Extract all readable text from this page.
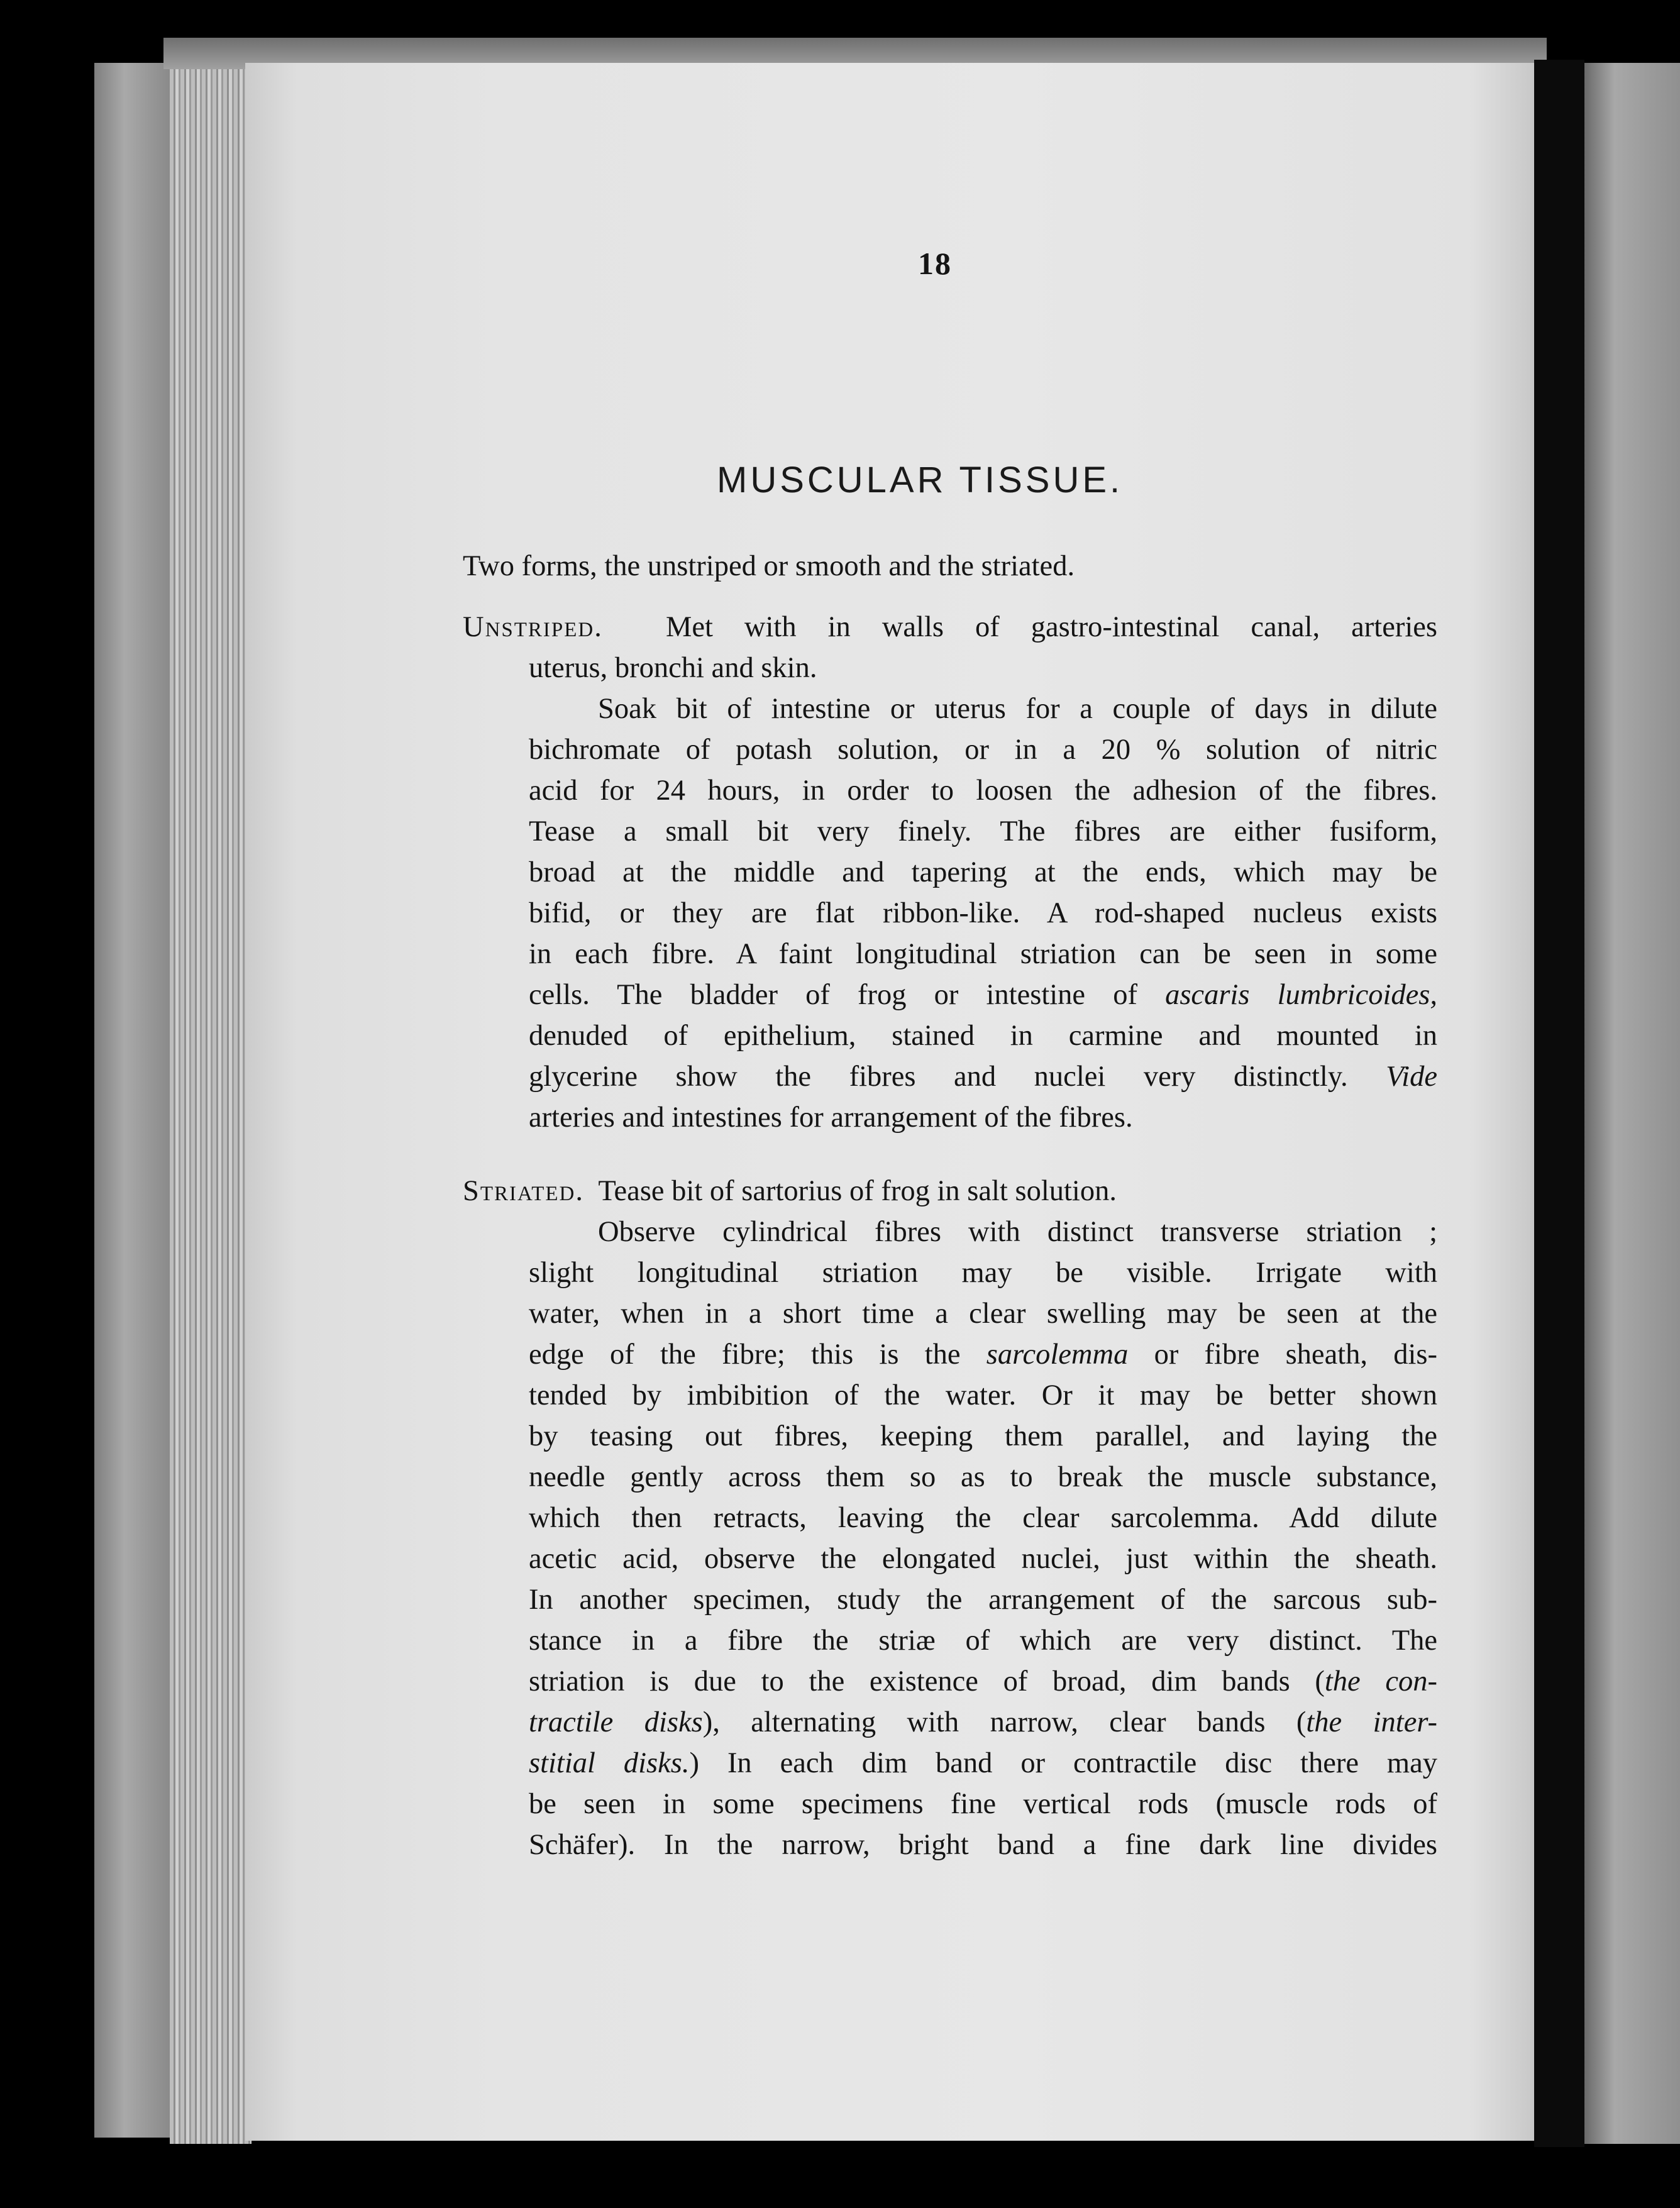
18
MUSCULAR TISSUE.
Two forms, the unstriped or smooth and the striated.
Unstriped. Met with in walls of gastro-intestinal canal, arteries
uterus, bronchi and skin.
Soak bit of intestine or uterus for a couple of days in dilute
bichromate of potash solution, or in a 20 % solution of nitric
acid for 24 hours, in order to loosen the adhesion of the fibres.
Tease a small bit very finely. The fibres are either fusiform,
broad at the middle and tapering at the ends, which may be
bifid, or they are flat ribbon-like. A rod-shaped nucleus exists
in each fibre. A faint longitudinal striation can be seen in some
cells. The bladder of frog or intestine of ascaris lumbricoides,
denuded of epithelium, stained in carmine and mounted in
glycerine show the fibres and nuclei very distinctly. Vide
arteries and intestines for arrangement of the fibres.
Striated. Tease bit of sartorius of frog in salt solution.
Observe cylindrical fibres with distinct transverse striation ;
slight longitudinal striation may be visible. Irrigate with
water, when in a short time a clear swelling may be seen at the
edge of the fibre; this is the sarcolemma or fibre sheath, dis-
tended by imbibition of the water. Or it may be better shown
by teasing out fibres, keeping them parallel, and laying the
needle gently across them so as to break the muscle substance,
which then retracts, leaving the clear sarcolemma. Add dilute
acetic acid, observe the elongated nuclei, just within the sheath.
In another specimen, study the arrangement of the sarcous sub-
stance in a fibre the striæ of which are very distinct. The
striation is due to the existence of broad, dim bands (the con-
tractile disks), alternating with narrow, clear bands (the inter-
stitial disks.) In each dim band or contractile disc there may
be seen in some specimens fine vertical rods (muscle rods of
Schäfer). In the narrow, bright band a fine dark line divides
